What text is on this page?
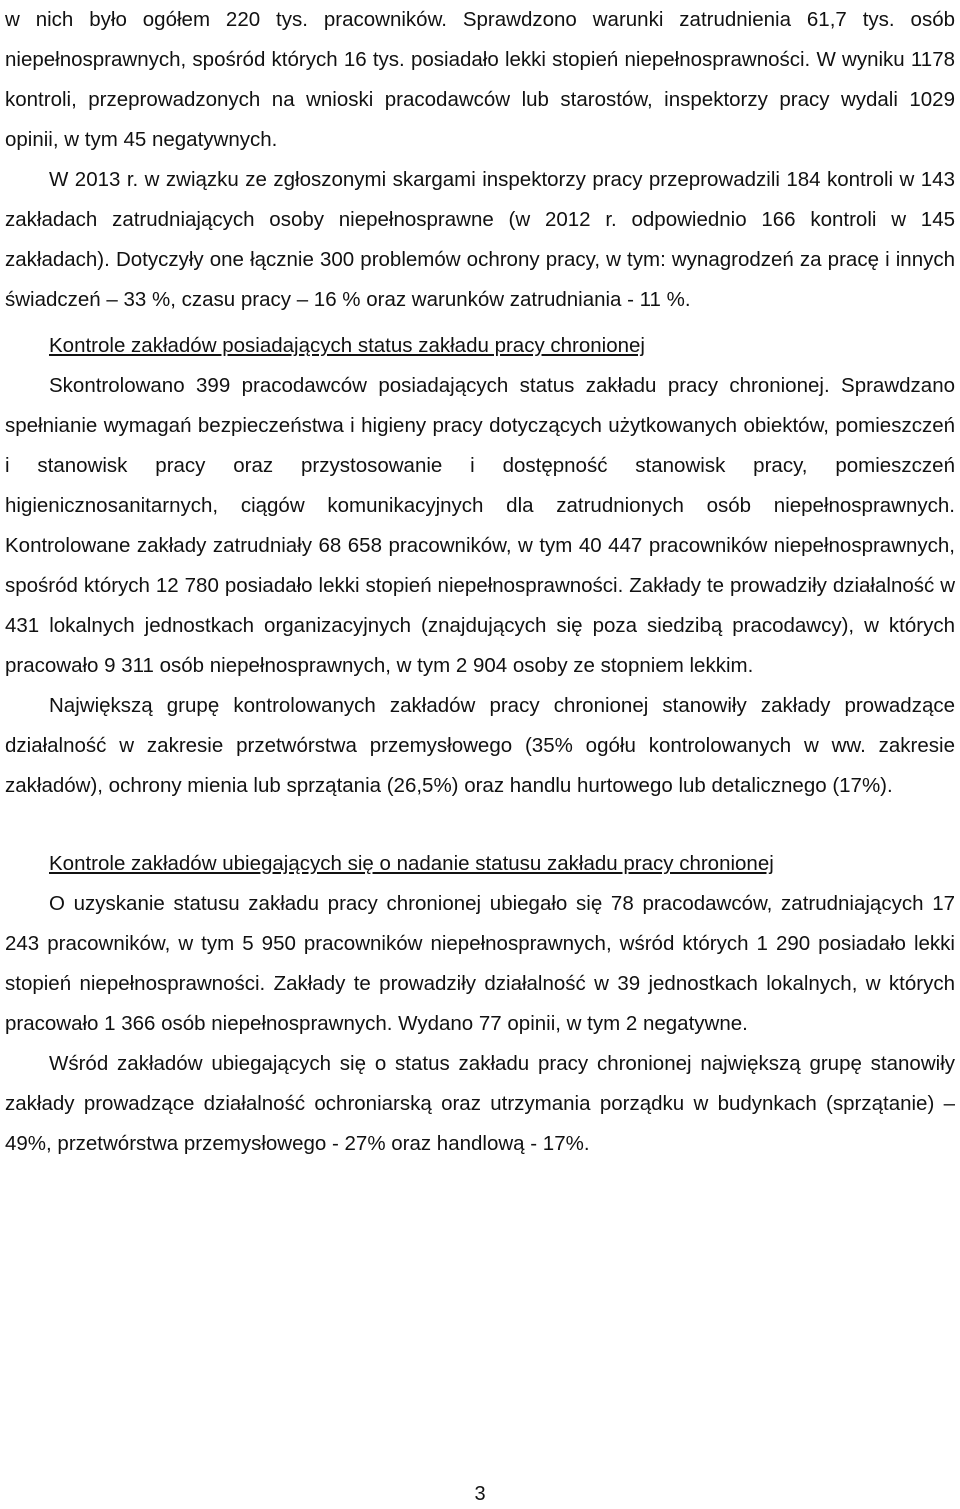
w nich było ogółem 220 tys. pracowników. Sprawdzono warunki zatrudnienia 61,7 tys. osób niepełnosprawnych, spośród których 16 tys. posiadało lekki stopień niepełnosprawności. W wyniku 1178 kontroli, przeprowadzonych na wnioski pracodawców lub starostów, inspektorzy pracy wydali 1029 opinii, w tym 45 negatywnych.

W 2013 r. w związku ze zgłoszonymi skargami inspektorzy pracy przeprowadzili 184 kontroli w 143 zakładach zatrudniających osoby niepełnosprawne (w 2012 r. odpowiednio 166 kontroli w 145 zakładach). Dotyczyły one łącznie 300 problemów ochrony pracy, w tym: wynagrodzeń za pracę i innych świadczeń – 33 %, czasu pracy – 16 % oraz warunków zatrudniania - 11 %.

Kontrole zakładów posiadających status zakładu pracy chronionej

Skontrolowano 399 pracodawców posiadających status zakładu pracy chronionej. Sprawdzano spełnianie wymagań bezpieczeństwa i higieny pracy dotyczących użytkowanych obiektów, pomieszczeń i stanowisk pracy oraz przystosowanie i dostępność stanowisk pracy, pomieszczeń higienicznosanitarnych, ciągów komunikacyjnych dla zatrudnionych osób niepełnosprawnych. Kontrolowane zakłady zatrudniały 68 658 pracowników, w tym 40 447 pracowników niepełnosprawnych, spośród których 12 780 posiadało lekki stopień niepełnosprawności. Zakłady te prowadziły działalność w 431 lokalnych jednostkach organizacyjnych (znajdujących się poza siedzibą pracodawcy), w których pracowało 9 311 osób niepełnosprawnych, w tym 2 904 osoby ze stopniem lekkim.

Największą grupę kontrolowanych zakładów pracy chronionej stanowiły zakłady prowadzące działalność w zakresie przetwórstwa przemysłowego (35% ogółu kontrolowanych w ww. zakresie zakładów), ochrony mienia lub sprzątania (26,5%) oraz handlu hurtowego lub detalicznego (17%).

Kontrole zakładów ubiegających się o nadanie statusu zakładu pracy chronionej

O uzyskanie statusu zakładu pracy chronionej ubiegało się 78 pracodawców, zatrudniających 17 243 pracowników, w tym 5 950 pracowników niepełnosprawnych, wśród których 1 290 posiadało lekki stopień niepełnosprawności. Zakłady te prowadziły działalność w 39 jednostkach lokalnych, w których pracowało 1 366 osób niepełnosprawnych. Wydano 77 opinii, w tym 2 negatywne.

Wśród zakładów ubiegających się o status zakładu pracy chronionej największą grupę stanowiły zakłady prowadzące działalność ochroniarską oraz utrzymania porządku w budynkach (sprzątanie) – 49%, przetwórstwa przemysłowego - 27% oraz handlową - 17%.

3
